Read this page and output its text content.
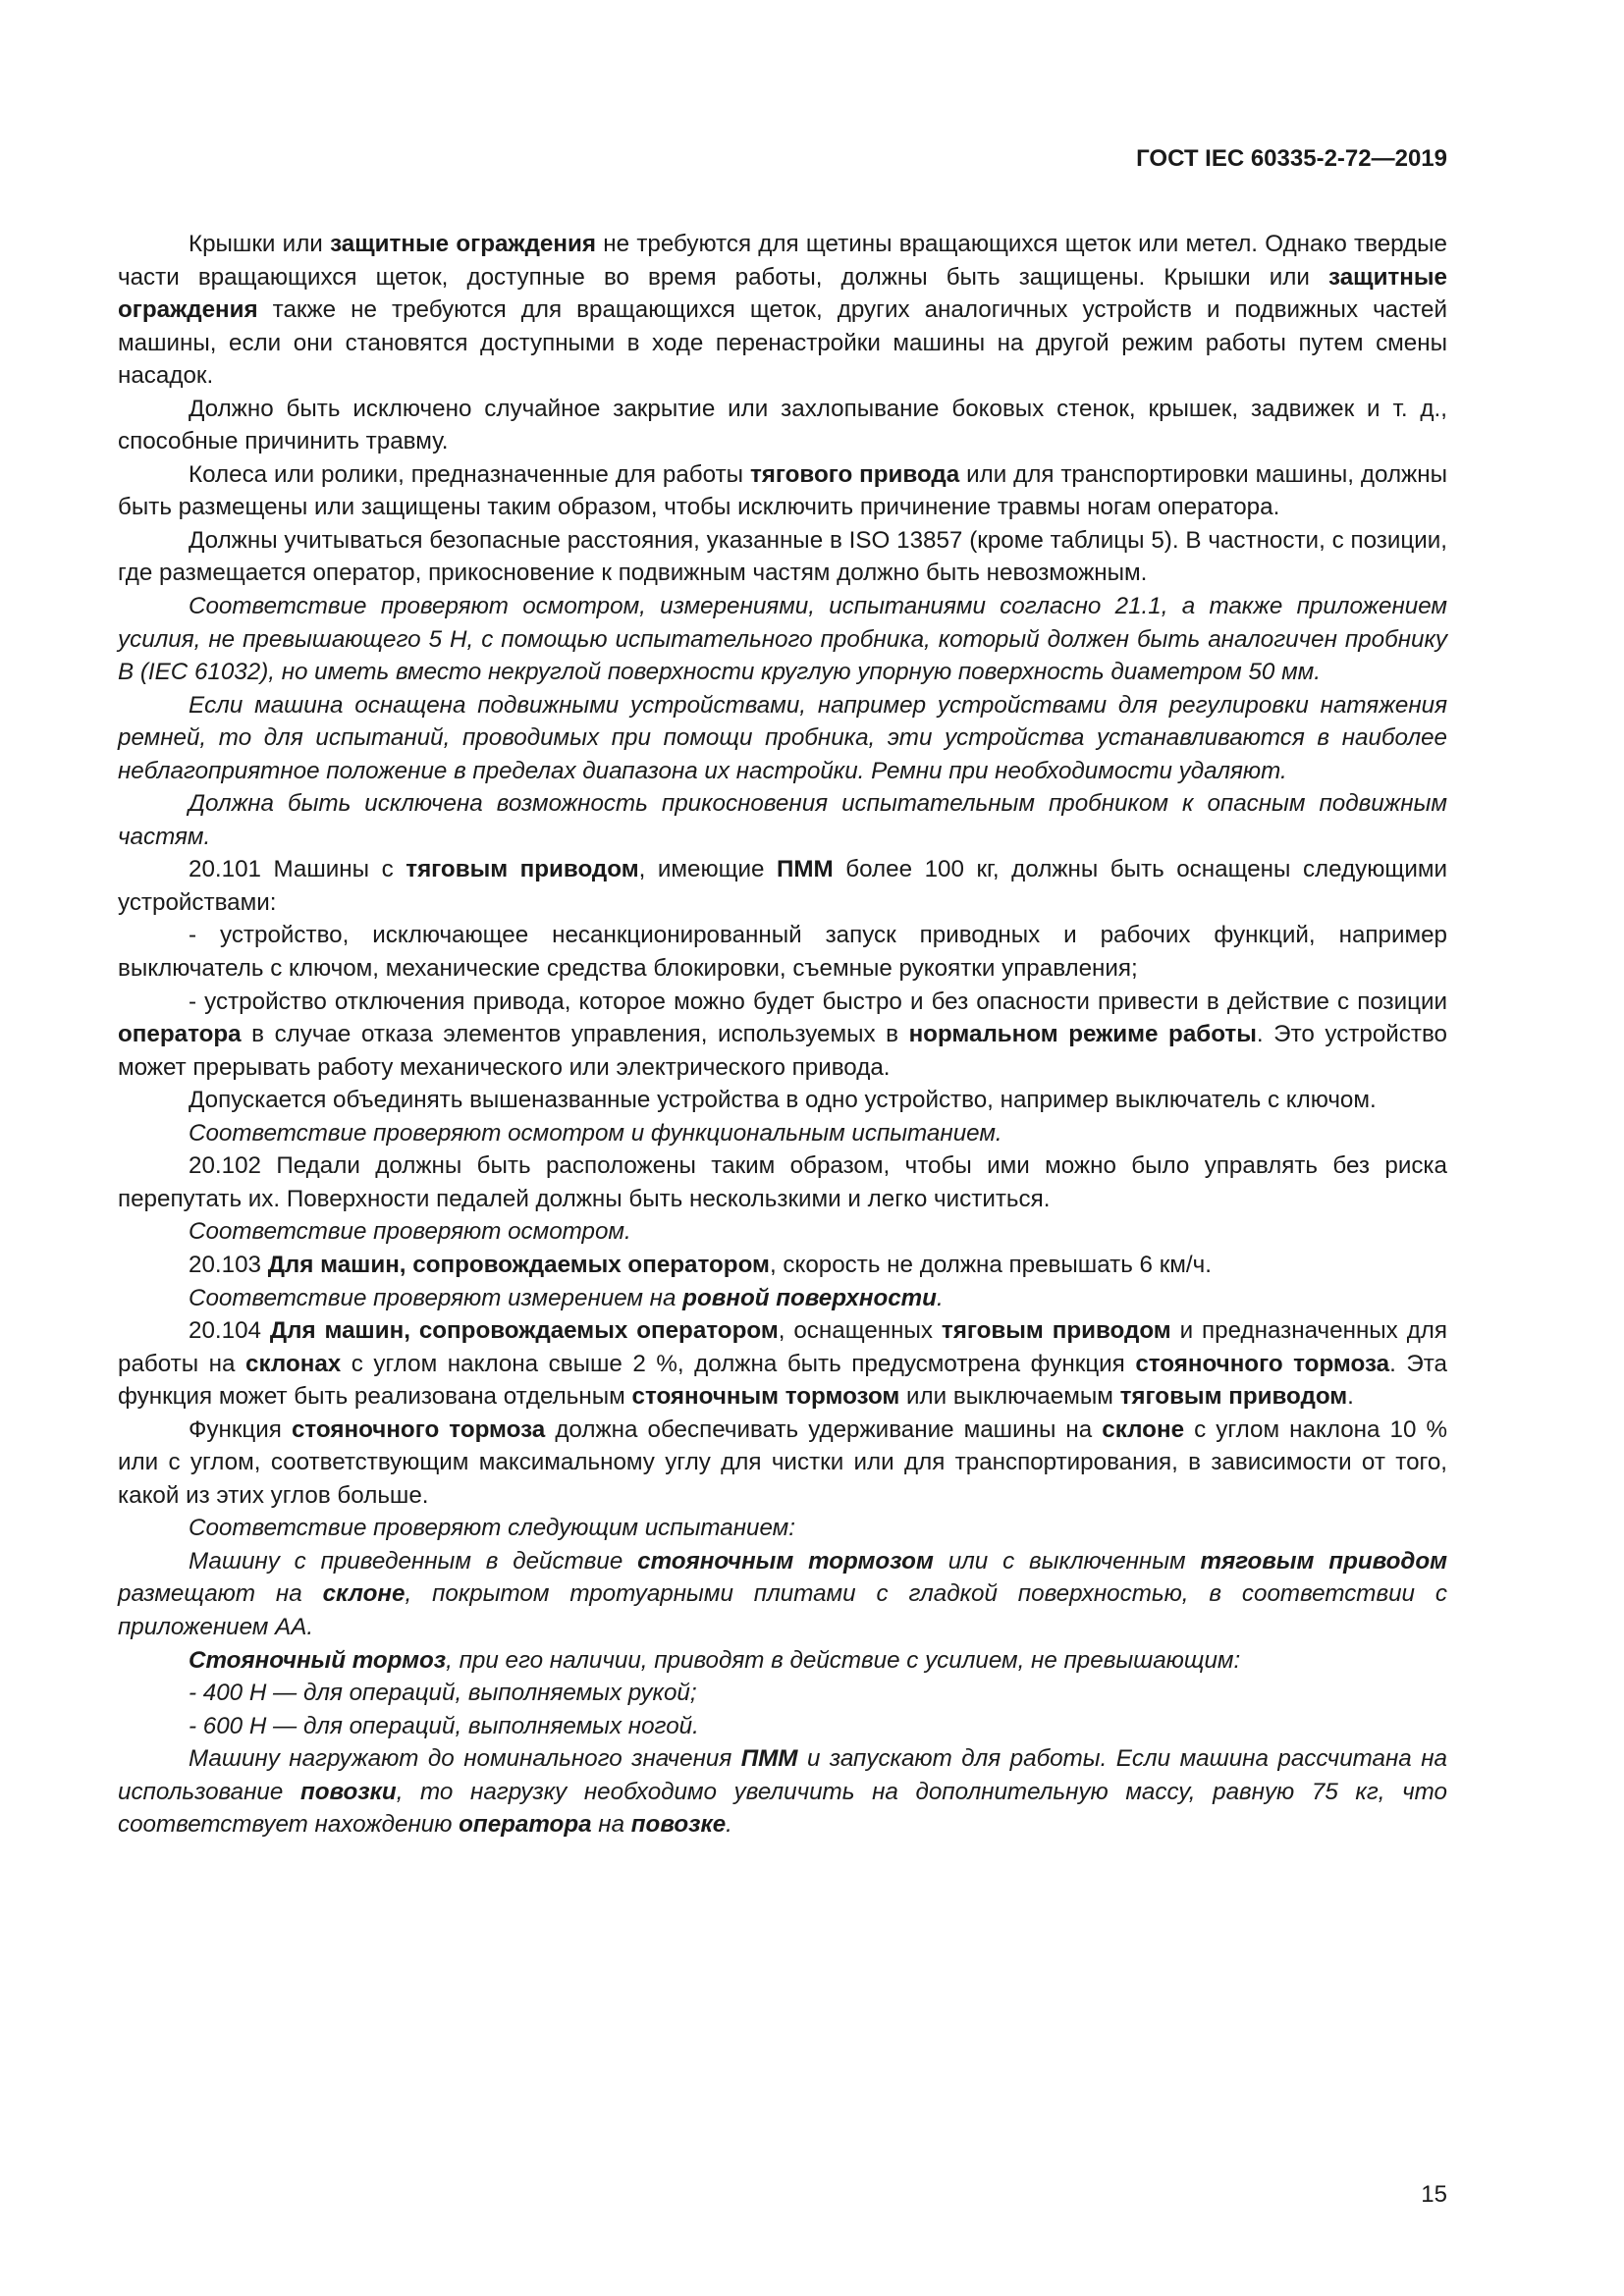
ГОСТ IEC 60335-2-72—2019

Крышки или защитные ограждения не требуются для щетины вращающихся щеток или метел. Однако твердые части вращающихся щеток, доступные во время работы, должны быть защищены. Крышки или защитные ограждения также не требуются для вращающихся щеток, других аналогичных устройств и подвижных частей машины, если они становятся доступными в ходе перенастройки машины на другой режим работы путем смены насадок.

Должно быть исключено случайное закрытие или захлопывание боковых стенок, крышек, задвижек и т. д., способные причинить травму.

Колеса или ролики, предназначенные для работы тягового привода или для транспортировки машины, должны быть размещены или защищены таким образом, чтобы исключить причинение травмы ногам оператора.

Должны учитываться безопасные расстояния, указанные в ISO 13857 (кроме таблицы 5). В частности, с позиции, где размещается оператор, прикосновение к подвижным частям должно быть невозможным.

Соответствие проверяют осмотром, измерениями, испытаниями согласно 21.1, а также приложением усилия, не превышающего 5 Н, с помощью испытательного пробника, который должен быть аналогичен пробнику В (IEC 61032), но иметь вместо некруглой поверхности круглую упорную поверхность диаметром 50 мм.

Если машина оснащена подвижными устройствами, например устройствами для регулировки натяжения ремней, то для испытаний, проводимых при помощи пробника, эти устройства устанавливаются в наиболее неблагоприятное положение в пределах диапазона их настройки. Ремни при необходимости удаляют.

Должна быть исключена возможность прикосновения испытательным пробником к опасным подвижным частям.

20.101 Машины с тяговым приводом, имеющие ПММ более 100 кг, должны быть оснащены следующими устройствами:

- устройство, исключающее несанкционированный запуск приводных и рабочих функций, например выключатель с ключом, механические средства блокировки, съемные рукоятки управления;

- устройство отключения привода, которое можно будет быстро и без опасности привести в действие с позиции оператора в случае отказа элементов управления, используемых в нормальном режиме работы. Это устройство может прерывать работу механического или электрического привода.

Допускается объединять вышеназванные устройства в одно устройство, например выключатель с ключом.

Соответствие проверяют осмотром и функциональным испытанием.

20.102 Педали должны быть расположены таким образом, чтобы ими можно было управлять без риска перепутать их. Поверхности педалей должны быть нескользкими и легко чиститься.

Соответствие проверяют осмотром.

20.103 Для машин, сопровождаемых оператором, скорость не должна превышать 6 км/ч.

Соответствие проверяют измерением на ровной поверхности.

20.104 Для машин, сопровождаемых оператором, оснащенных тяговым приводом и предназначенных для работы на склонах с углом наклона свыше 2 %, должна быть предусмотрена функция стояночного тормоза. Эта функция может быть реализована отдельным стояночным тормозом или выключаемым тяговым приводом.

Функция стояночного тормоза должна обеспечивать удерживание машины на склоне с углом наклона 10 % или с углом, соответствующим максимальному углу для чистки или для транспортирования, в зависимости от того, какой из этих углов больше.

Соответствие проверяют следующим испытанием:

Машину с приведенным в действие стояночным тормозом или с выключенным тяговым приводом размещают на склоне, покрытом тротуарными плитами с гладкой поверхностью, в соответствии с приложением АА.

Стояночный тормоз, при его наличии, приводят в действие с усилием, не превышающим:

- 400 Н — для операций, выполняемых рукой;

- 600 Н — для операций, выполняемых ногой.

Машину нагружают до номинального значения ПММ и запускают для работы. Если машина рассчитана на использование повозки, то нагрузку необходимо увеличить на дополнительную массу, равную 75 кг, что соответствует нахождению оператора на повозке.

15
